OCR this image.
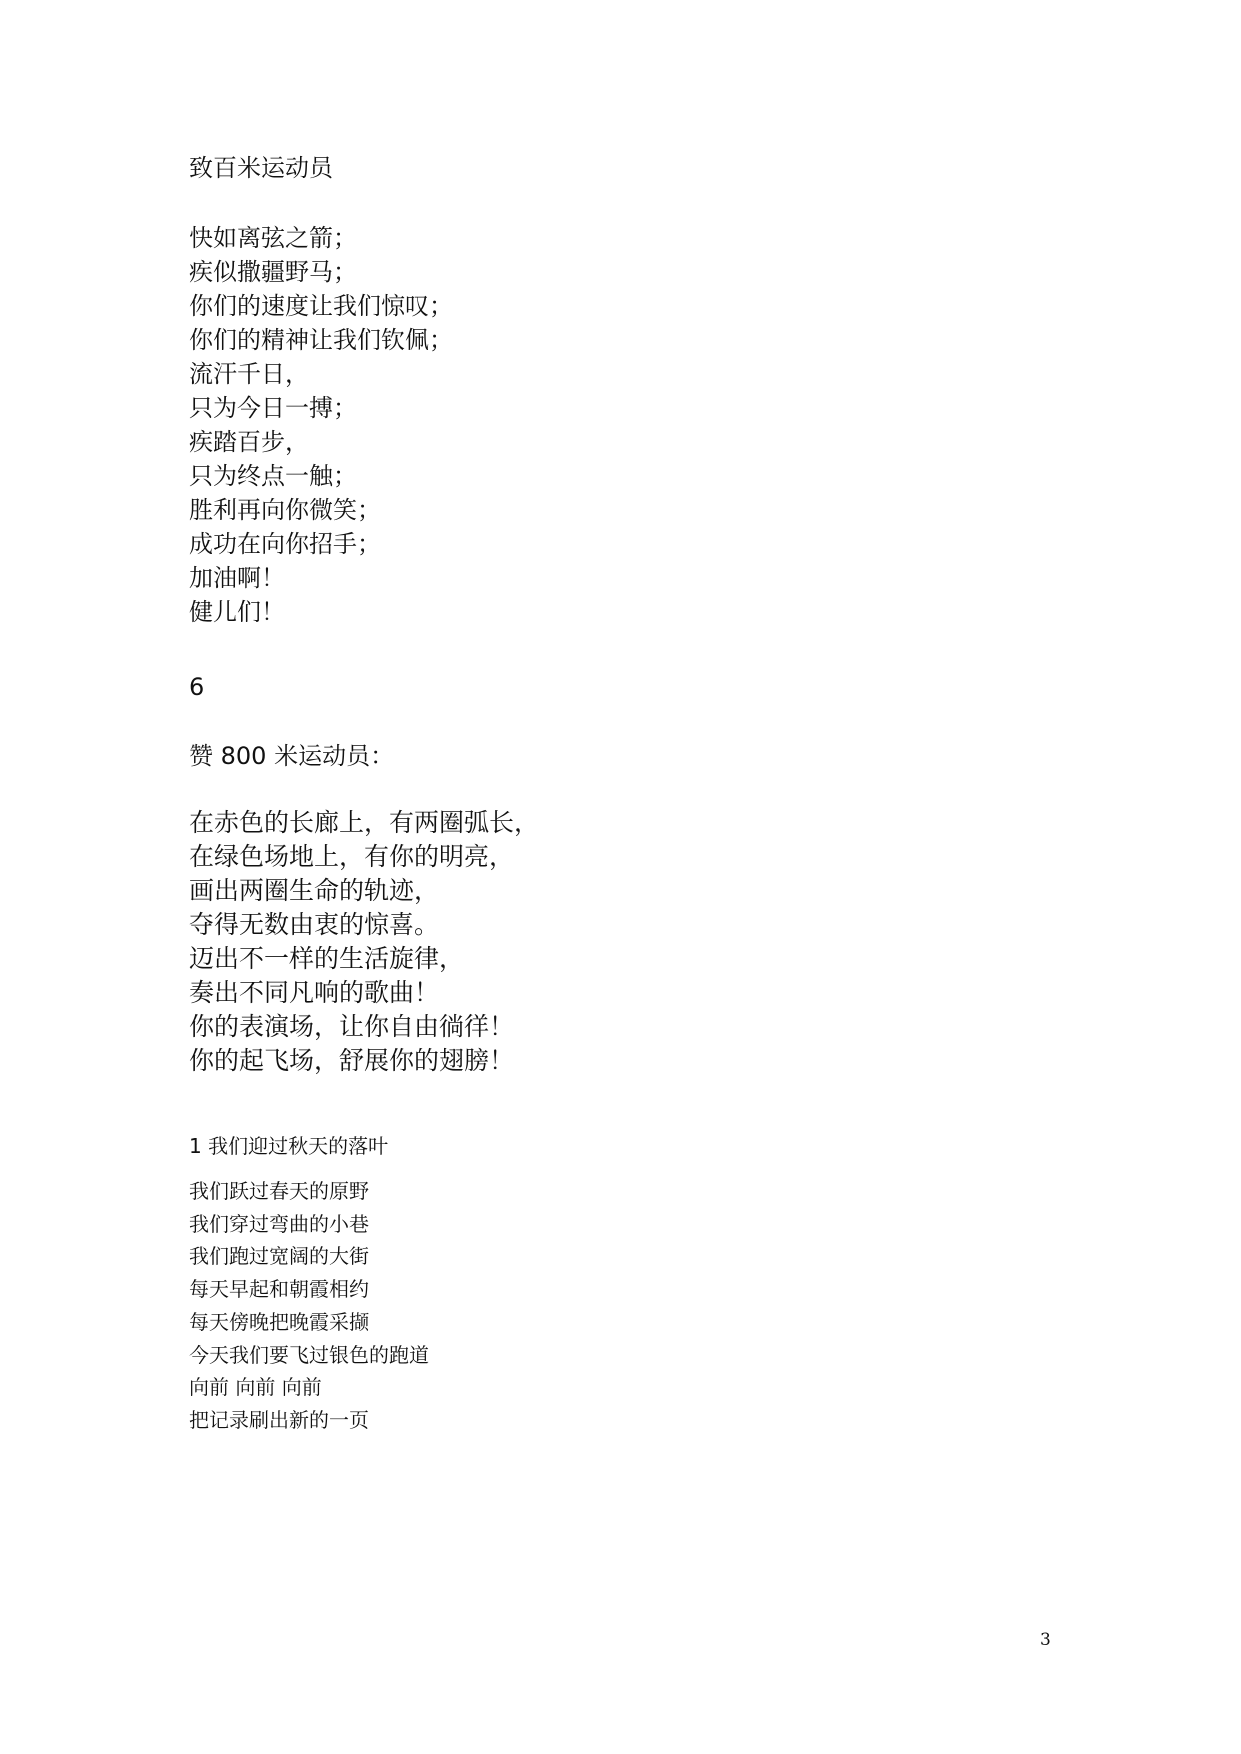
致百米运动员
快如离弦之箭；
疾似撒疆野马；
你们的速度让我们惊叹；
你们的精神让我们钦佩；
流汗千日，
只为今日一搏；
疾踏百步，
只为终点一触；
胜利再向你微笑；
成功在向你招手；
加油啊！
健儿们！
6
赞 800 米运动员：
在赤色的长廊上，有两圈弧长，
在绿色场地上，有你的明亮，
画出两圈生命的轨迹，
夺得无数由衷的惊喜。
迈出不一样的生活旋律，
奏出不同凡响的歌曲！
你的表演场，让你自由徜徉！
你的起飞场，舒展你的翅膀！
1 我们迎过秋天的落叶
我们跃过春天的原野
我们穿过弯曲的小巷
我们跑过宽阔的大街
每天早起和朝霞相约
每天傍晚把晚霞采撷
今天我们要飞过银色的跑道
向前 向前 向前
把记录刷出新的一页
3
